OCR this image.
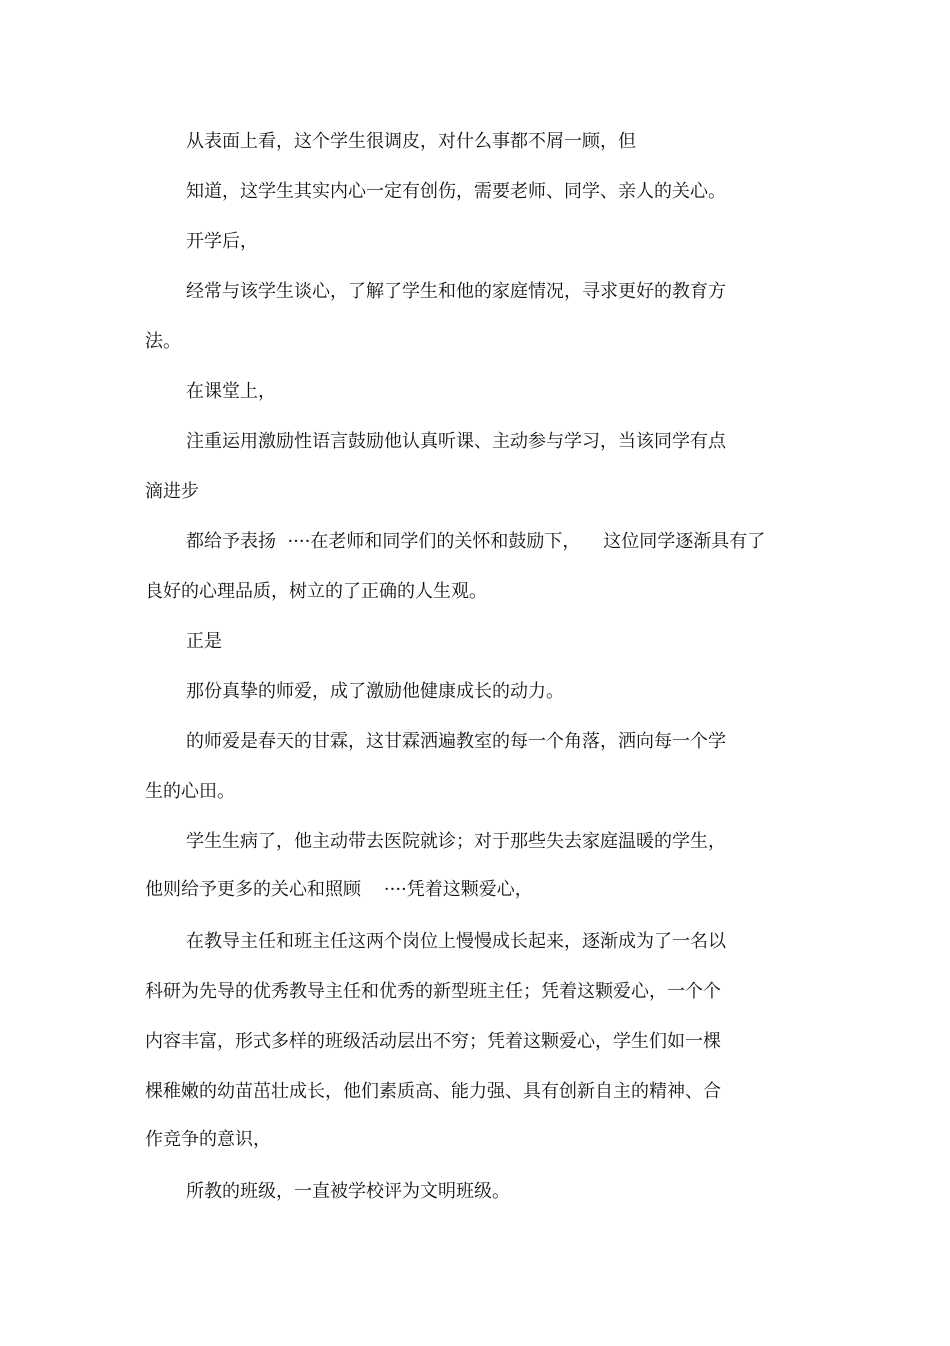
从表面上看，这个学生很调皮，对什么事都不屑一顾，但

知道，这学生其实内心一定有创伤，需要老师、同学、亲人的关心。

开学后，

经常与该学生谈心，了解了学生和他的家庭情况，寻求更好的教育方

法。

在课堂上，

注重运用激励性语言鼓励他认真听课、主动参与学习，当该同学有点

滴进步

都给予表扬  ····在老师和同学们的关怀和鼓励下，    这位同学逐渐具有了

良好的心理品质，树立的了正确的人生观。

正是

那份真挚的师爱，成了激励他健康成长的动力。

的师爱是春天的甘霖，这甘霖洒遍教室的每一个角落，洒向每一个学

生的心田。

学生生病了，他主动带去医院就诊；对于那些失去家庭温暖的学生，

他则给予更多的关心和照顾    ····凭着这颗爱心，

在教导主任和班主任这两个岗位上慢慢成长起来，逐渐成为了一名以

科研为先导的优秀教导主任和优秀的新型班主任；凭着这颗爱心，一个个

内容丰富，形式多样的班级活动层出不穷；凭着这颗爱心，学生们如一棵

棵稚嫩的幼苗茁壮成长，他们素质高、能力强、具有创新自主的精神、合

作竞争的意识，

所教的班级，一直被学校评为文明班级。
